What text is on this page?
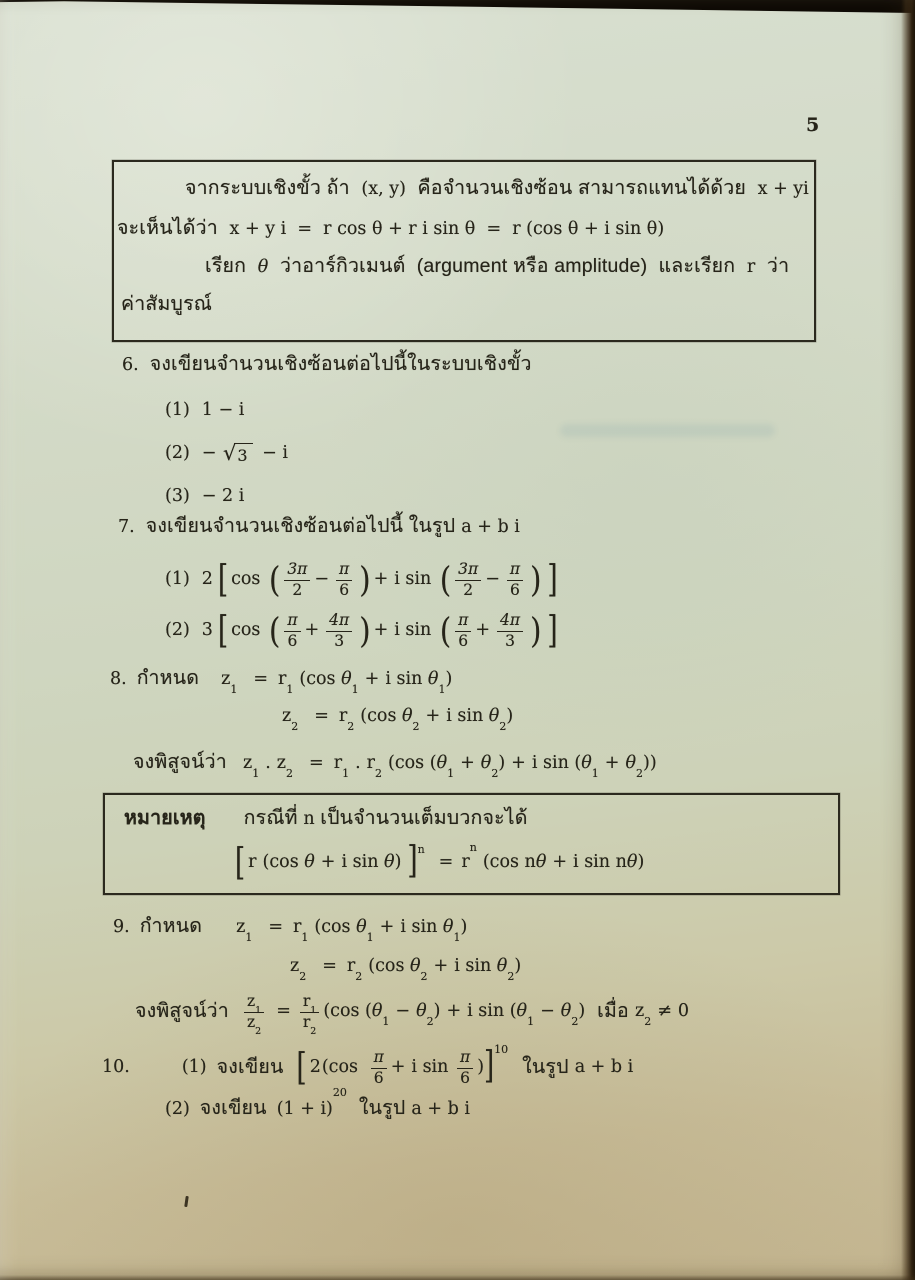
5
จากระบบเชิงขั้ว ถ้า (x, y) คือจำนวนเชิงซ้อน สามารถแทนได้ด้วย x + yi
จะเห็นได้ว่า x + y i  =  r cos θ + r i sin θ  =  r (cos θ + i sin θ)
เรียก θ ว่าอาร์กิวเมนต์  (argument หรือ amplitude)  และเรียก r ว่า
ค่าสัมบูรณ์
6. จงเขียนจำนวนเชิงซ้อนต่อไปนี้ในระบบเชิงขั้ว
(1) 1 − i
(2) − √ 3 − i
(3) − 2 i
7. จงเขียนจำนวนเชิงซ้อนต่อไปนี้ ในรูป a + b i
(1) 2 [ cos ( $\frac{3\pi}{2} - \frac{\pi}{6}$ ) + i sin ( $\frac{3\pi}{2} - \frac{\pi}{6}$ ) ]
(2) 3 [ cos ( $\frac{\pi}{6} + \frac{4\pi}{3}$ ) + i sin ( $\frac{\pi}{6} + \frac{4\pi}{3}$ ) ]
8. กำหนด $z_1 = r_1$ (cos $\theta_1 + i$ $\sin \theta_1$)
$z_2 = r_2$ (cos $\theta_2 + i$ $\sin \theta_2$)
จงพิสูจน์ว่า $z_1$ . $z_2 = r_1$ . $r_2$ (cos $(\theta_1 + \theta_2) + i$ $\sin (\theta_1 + \theta_2)$)
หมายเหตุ กรณีที่ n เป็นจำนวนเต็มบวกจะได้
[ r (cos θ + i sin θ) ]$^n$
= $r^n$
(cos nθ + i sin nθ)
9. กำหนด $z_1 = r_1$ (cos $\theta_1 + i$ $\sin \theta_1$)
$z_2 = r_2$ (cos $\theta_2 + i$ $\sin \theta_2$)
จงพิสูจน์ว่า $\frac{z_1}{z_2} = \frac{r_1}{r_2} (\cos$ $(\theta_1 - \theta_2) + i$ $\sin (\theta_1 - \theta_2)$ เมื่อ $z_2 \ne 0$
10.	(1) จงเขียน [ 2 ($\cos \frac{\pi}{6} + i$ $\sin \frac{\pi}{6}$ ) ]$^{10}$
ในรูป a + b i
(2) จงเขียน $(1 + i)^{20}$
ในรูป a + b i
